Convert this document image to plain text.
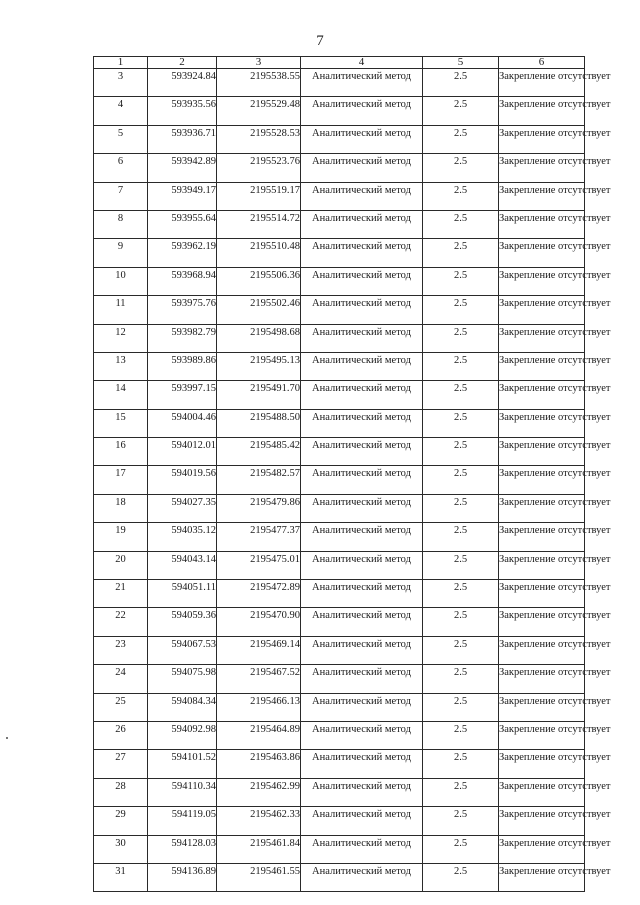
7
1	2	3	4	5	6
3	593924.84	2195538.55	Аналитический метод	2.5	Закрепление отсутствует
4	593935.56	2195529.48	Аналитический метод	2.5	Закрепление отсутствует
5	593936.71	2195528.53	Аналитический метод	2.5	Закрепление отсутствует
6	593942.89	2195523.76	Аналитический метод	2.5	Закрепление отсутствует
7	593949.17	2195519.17	Аналитический метод	2.5	Закрепление отсутствует
8	593955.64	2195514.72	Аналитический метод	2.5	Закрепление отсутствует
9	593962.19	2195510.48	Аналитический метод	2.5	Закрепление отсутствует
10	593968.94	2195506.36	Аналитический метод	2.5	Закрепление отсутствует
11	593975.76	2195502.46	Аналитический метод	2.5	Закрепление отсутствует
12	593982.79	2195498.68	Аналитический метод	2.5	Закрепление отсутствует
13	593989.86	2195495.13	Аналитический метод	2.5	Закрепление отсутствует
14	593997.15	2195491.70	Аналитический метод	2.5	Закрепление отсутствует
15	594004.46	2195488.50	Аналитический метод	2.5	Закрепление отсутствует
16	594012.01	2195485.42	Аналитический метод	2.5	Закрепление отсутствует
17	594019.56	2195482.57	Аналитический метод	2.5	Закрепление отсутствует
18	594027.35	2195479.86	Аналитический метод	2.5	Закрепление отсутствует
19	594035.12	2195477.37	Аналитический метод	2.5	Закрепление отсутствует
20	594043.14	2195475.01	Аналитический метод	2.5	Закрепление отсутствует
21	594051.11	2195472.89	Аналитический метод	2.5	Закрепление отсутствует
22	594059.36	2195470.90	Аналитический метод	2.5	Закрепление отсутствует
23	594067.53	2195469.14	Аналитический метод	2.5	Закрепление отсутствует
24	594075.98	2195467.52	Аналитический метод	2.5	Закрепление отсутствует
25	594084.34	2195466.13	Аналитический метод	2.5	Закрепление отсутствует
26	594092.98	2195464.89	Аналитический метод	2.5	Закрепление отсутствует
27	594101.52	2195463.86	Аналитический метод	2.5	Закрепление отсутствует
28	594110.34	2195462.99	Аналитический метод	2.5	Закрепление отсутствует
29	594119.05	2195462.33	Аналитический метод	2.5	Закрепление отсутствует
30	594128.03	2195461.84	Аналитический метод	2.5	Закрепление отсутствует
31	594136.89	2195461.55	Аналитический метод	2.5	Закрепление отсутствует
